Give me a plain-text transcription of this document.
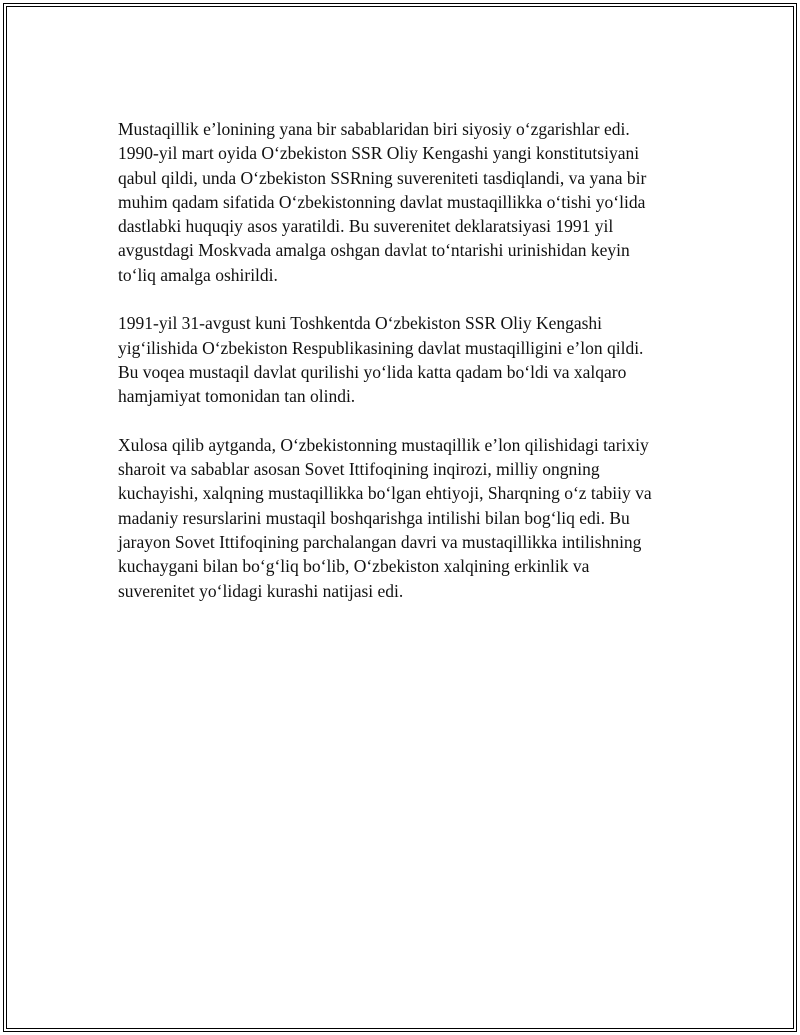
Mustaqillik e’lonining yana bir sabablaridan biri siyosiy o‘zgarishlar edi.
1990-yil mart oyida O‘zbekiston SSR Oliy Kengashi yangi konstitutsiyani
qabul qildi, unda O‘zbekiston SSRning suvereniteti tasdiqlandi, va yana bir
muhim qadam sifatida O‘zbekistonning davlat mustaqillikka o‘tishi yo‘lida
dastlabki huquqiy asos yaratildi. Bu suverenitet deklaratsiyasi 1991 yil
avgustdagi Moskvada amalga oshgan davlat to‘ntarishi urinishidan keyin
to‘liq amalga oshirildi.

1991-yil 31-avgust kuni Toshkentda O‘zbekiston SSR Oliy Kengashi
yig‘ilishida O‘zbekiston Respublikasining davlat mustaqilligini e’lon qildi.
Bu voqea mustaqil davlat qurilishi yo‘lida katta qadam bo‘ldi va xalqaro
hamjamiyat tomonidan tan olindi.

Xulosa qilib aytganda, O‘zbekistonning mustaqillik e’lon qilishidagi tarixiy
sharoit va sabablar asosan Sovet Ittifoqining inqirozi, milliy ongning
kuchayishi, xalqning mustaqillikka bo‘lgan ehtiyoji, Sharqning o‘z tabiiy va
madaniy resurslarini mustaqil boshqarishga intilishi bilan bog‘liq edi. Bu
jarayon Sovet Ittifoqining parchalangan davri va mustaqillikka intilishning
kuchaygani bilan bo‘g‘liq bo‘lib, O‘zbekiston xalqining erkinlik va
suverenitet yo‘lidagi kurashi natijasi edi.
